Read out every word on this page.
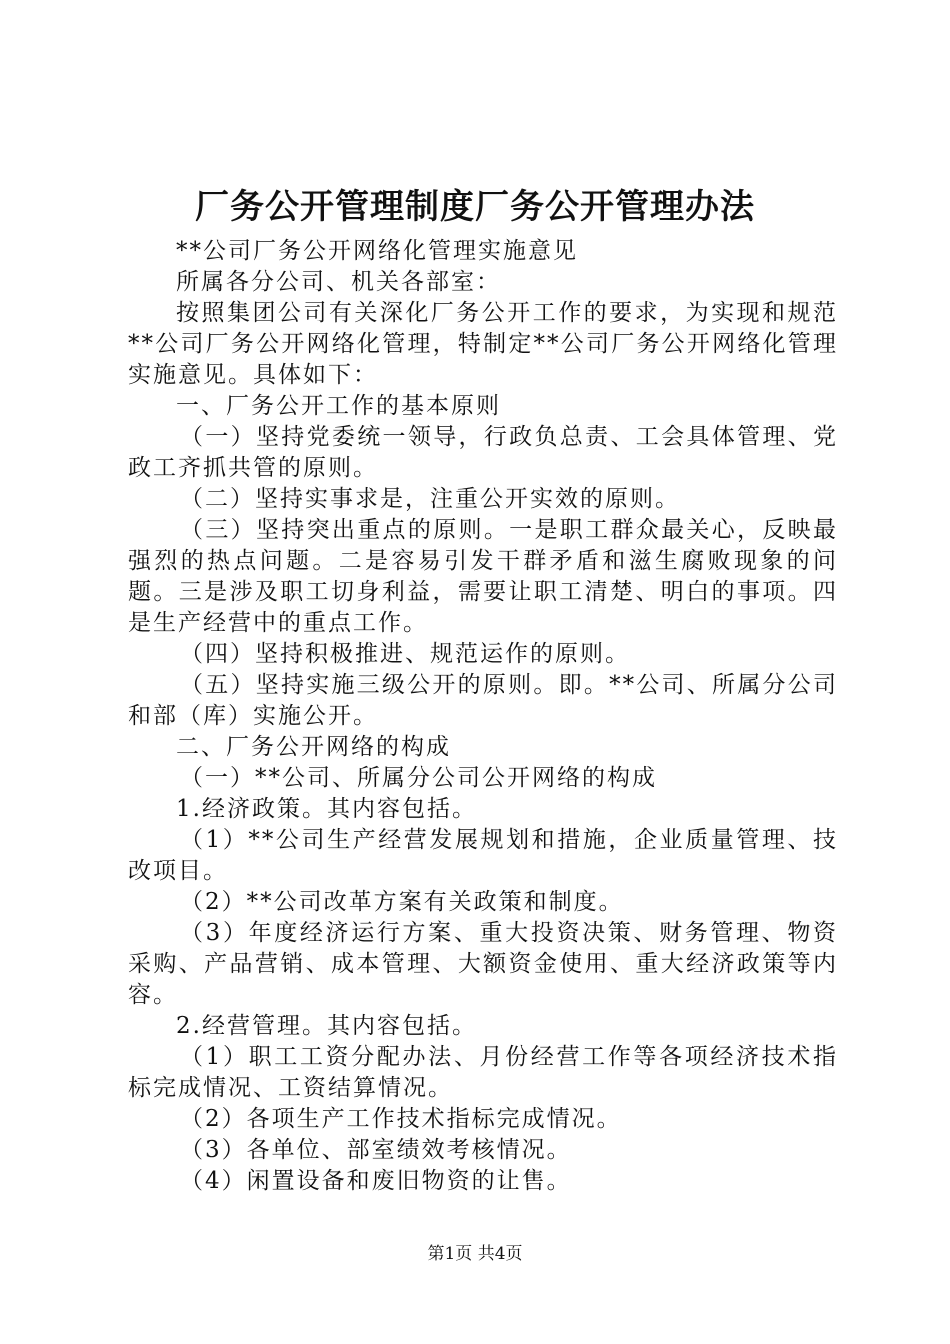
厂务公开管理制度厂务公开管理办法

**公司厂务公开网络化管理实施意见

所属各分公司、机关各部室：

按照集团公司有关深化厂务公开工作的要求，为实现和规范**公司厂务公开网络化管理，特制定**公司厂务公开网络化管理实施意见。具体如下：

一、厂务公开工作的基本原则

（一）坚持党委统一领导，行政负总责、工会具体管理、党政工齐抓共管的原则。

（二）坚持实事求是，注重公开实效的原则。

（三）坚持突出重点的原则。一是职工群众最关心，反映最强烈的热点问题。二是容易引发干群矛盾和滋生腐败现象的问题。三是涉及职工切身利益，需要让职工清楚、明白的事项。四是生产经营中的重点工作。

（四）坚持积极推进、规范运作的原则。

（五）坚持实施三级公开的原则。即。**公司、所属分公司和部（库）实施公开。

二、厂务公开网络的构成

（一）**公司、所属分公司公开网络的构成

1.经济政策。其内容包括。

（1）**公司生产经营发展规划和措施，企业质量管理、技改项目。

（2）**公司改革方案有关政策和制度。

（3）年度经济运行方案、重大投资决策、财务管理、物资采购、产品营销、成本管理、大额资金使用、重大经济政策等内容。

2.经营管理。其内容包括。

（1）职工工资分配办法、月份经营工作等各项经济技术指标完成情况、工资结算情况。

（2）各项生产工作技术指标完成情况。

（3）各单位、部室绩效考核情况。

（4）闲置设备和废旧物资的让售。

第1页 共4页
